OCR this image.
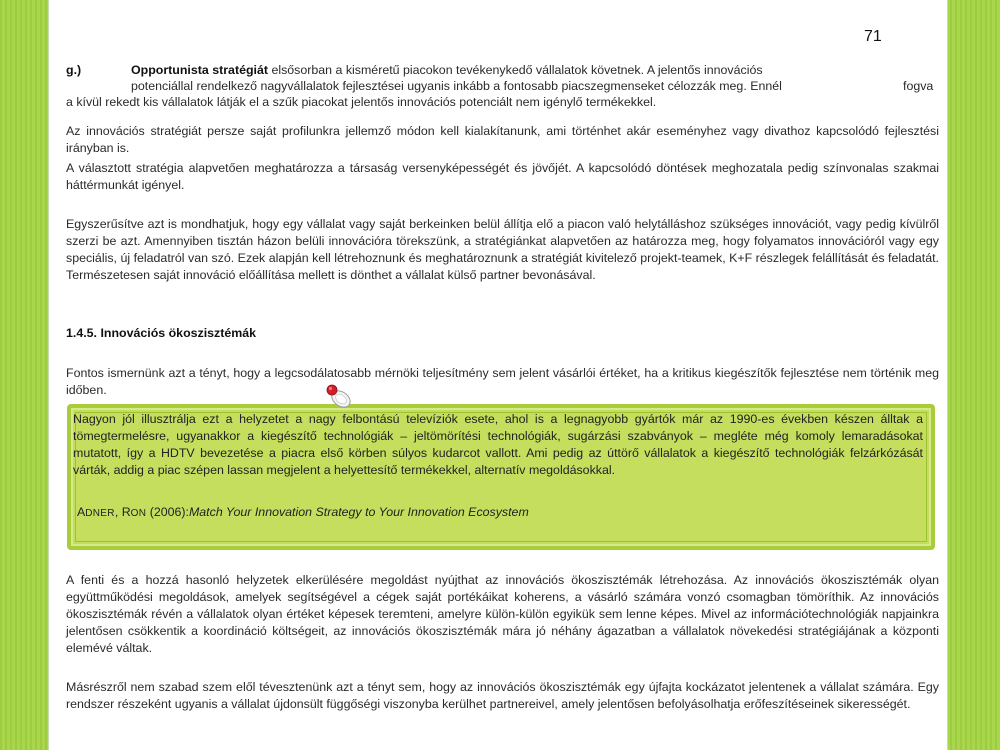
71
g.)	Opportunista stratégiát elsősorban a kisméretű piacokon tevékenykedő vállalatok követnek. A jelentős innovációs
potenciállal rendelkező nagyvállalatok fejlesztései ugyanis inkább a fontosabb piacszegmenseket célozzák meg. Ennél	fogva
a kívül rekedt kis vállalatok látják el a szűk piacokat jelentős innovációs potenciált nem igénylő termékekkel.
Az innovációs stratégiát persze saját profilunkra jellemző módon kell kialakítanunk, ami történhet akár eseményhez vagy divathoz kapcsolódó fejlesztési irányban is.
A választott stratégia alapvetően meghatározza a társaság versenyképességét és jövőjét. A kapcsolódó döntések meghozatala pedig színvonalas szakmai háttérmunkát igényel.
Egyszerűsítve azt is mondhatjuk, hogy egy vállalat vagy saját berkeinken belül állítja elő a piacon való helytálláshoz szükséges innovációt, vagy pedig kívülről szerzi be azt. Amennyiben tisztán házon belüli innovációra törekszünk, a stratégiánkat alapvetően az határozza meg, hogy folyamatos innovációról vagy egy speciális, új feladatról van szó. Ezek alapján kell létrehoznunk és meghatároznunk a stratégiát kivitelező projekt-teamek, K+F részlegek felállítását és feladatát. Természetesen saját innováció előállítása mellett is dönthet a vállalat külső partner bevonásával.
1.4.5. Innovációs ökoszisztémák
Fontos ismernünk azt a tényt, hogy a legcsodálatosabb mérnöki teljesítmény sem jelent vásárlói értéket, ha a kritikus kiegészítők fejlesztése nem történik meg időben.
Nagyon jól illusztrálja ezt a helyzetet a nagy felbontású televíziók esete, ahol is a legnagyobb gyártók már az 1990-es években készen álltak a tömegtermelésre, ugyanakkor a kiegészítő technológiák – jeltömörítési technológiák, sugárzási szabványok – megléte még komoly lemaradásokat mutatott, így a HDTV bevezetése a piacra első körben súlyos kudarcot vallott. Ami pedig az úttörő vállalatok a kiegészítő technológiák felzárkózását várták, addig a piac szépen lassan megjelent a helyettesítő termékekkel, alternatív megoldásokkal.
ADNER, RON (2006):Match Your Innovation Strategy to Your Innovation Ecosystem
A fenti és a hozzá hasonló helyzetek elkerülésére megoldást nyújthat az innovációs ökoszisztémák létrehozása. Az innovációs ökoszisztémák olyan együttműködési megoldások, amelyek segítségével a cégek saját portékáikat koherens, a vásárló számára vonzó csomagban tömöríthik. Az innovációs ökoszisztémák révén a vállalatok olyan értéket képesek teremteni, amelyre külön-külön egyikük sem lenne képes. Mivel az információtechnológiák napjainkra jelentősen csökkentik a koordináció költségeit, az innovációs ökoszisztémák mára jó néhány ágazatban a vállalatok növekedési stratégiájának a központi elemévé váltak.
Másrészről nem szabad szem elől tévesztenünk azt a tényt sem, hogy az innovációs ökoszisztémák egy újfajta kockázatot jelentenek a vállalat számára. Egy rendszer részeként ugyanis a vállalat újdonsült függőségi viszonyba kerülhet partnereivel, amely jelentősen befolyásolhatja erőfeszítéseinek sikerességét.
